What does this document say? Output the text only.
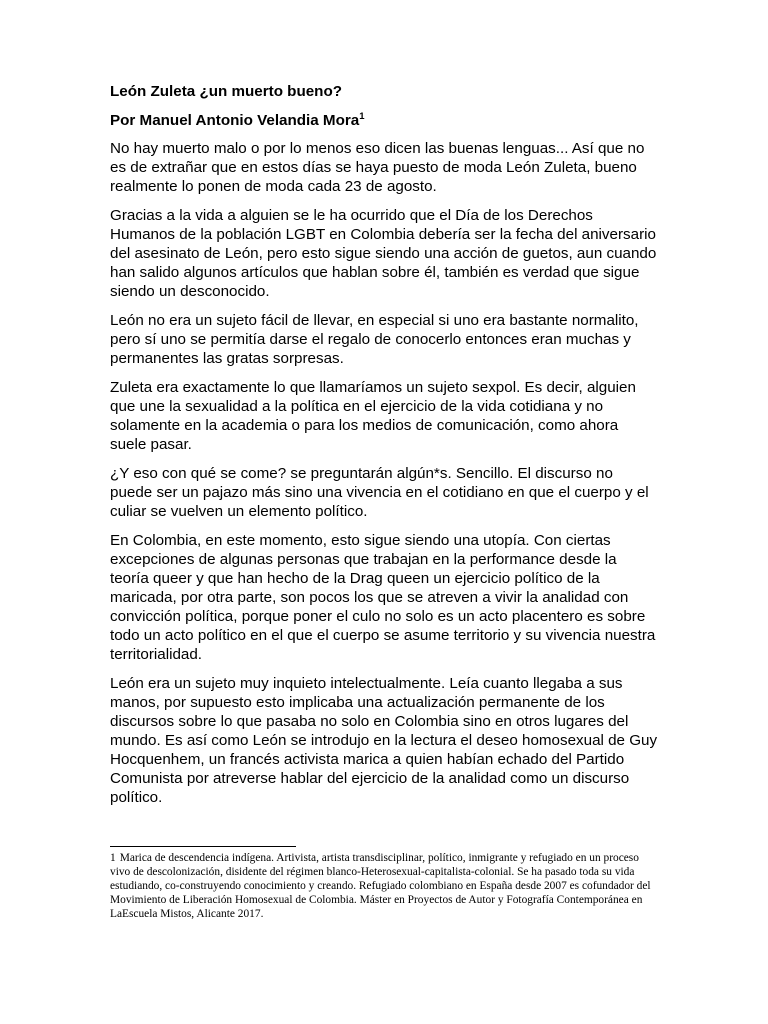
León Zuleta ¿un muerto bueno?
Por Manuel Antonio Velandia Mora$^1$

No hay muerto malo o por lo menos eso dicen las buenas lenguas... Así que no es de extrañar que en estos días se haya puesto de moda León Zuleta, bueno realmente lo ponen de moda cada 23 de agosto.

Gracias a la vida a alguien se le ha ocurrido que el Día de los Derechos Humanos de la población LGBT en Colombia debería ser la fecha del aniversario del asesinato de León, pero esto sigue siendo una acción de guetos, aun cuando han salido algunos artículos que hablan sobre él, también es verdad que sigue siendo un desconocido.

León no era un sujeto fácil de llevar, en especial si uno era bastante normalito, pero sí uno se permitía darse el regalo de conocerlo entonces eran muchas y permanentes las gratas sorpresas.

Zuleta era exactamente lo que llamaríamos un sujeto sexpol. Es decir, alguien que une la sexualidad a la política en el ejercicio de la vida cotidiana y no solamente en la academia o para los medios de comunicación, como ahora suele pasar.

¿Y eso con qué se come? se preguntarán algún*s. Sencillo. El discurso no puede ser un pajazo más sino una vivencia en el cotidiano en que el cuerpo y el culiar se vuelven un elemento político.

En Colombia, en este momento, esto sigue siendo una utopía. Con ciertas excepciones de algunas personas que trabajan en la performance desde la teoría queer y que han hecho de la Drag queen un ejercicio político de la maricada, por otra parte, son pocos los que se atreven a vivir la analidad con convicción política, porque poner el culo no solo es un acto placentero es sobre todo un acto político en el que el cuerpo se asume territorio y su vivencia nuestra territorialidad.

León era un sujeto muy inquieto intelectualmente. Leía cuanto llegaba a sus manos, por supuesto esto implicaba una actualización permanente de los discursos sobre lo que pasaba no solo en Colombia sino en otros lugares del mundo. Es así como León se introdujo en la lectura el deseo homosexual de Guy Hocquenhem, un francés activista marica a quien habían echado del Partido Comunista por atreverse hablar del ejercicio de la analidad como un discurso político.

1 Marica de descendencia indígena. Artivista, artista transdisciplinar, político, inmigrante y refugiado en un proceso vivo de descolonización, disidente del régimen blanco-Heterosexual-capitalista-colonial. Se ha pasado toda su vida estudiando, co-construyendo conocimiento y creando. Refugiado colombiano en España desde 2007 es cofundador del Movimiento de Liberación Homosexual de Colombia. Máster en Proyectos de Autor y Fotografía Contemporánea en LaEscuela Mistos, Alicante 2017.
